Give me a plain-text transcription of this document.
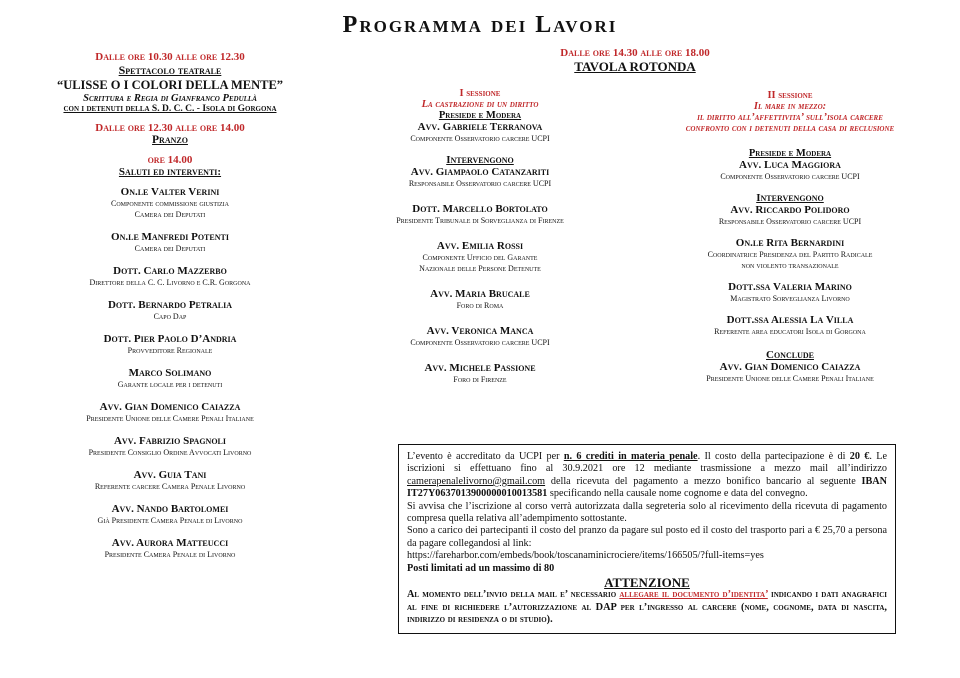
Programma dei Lavori
Dalle ore 10.30 alle ore 12.30
Spettacolo teatrale
“ULISSE O I COLORI DELLA MENTE”
Scrittura e Regia di Gianfranco Pedullà
con i detenuti della S. D. C. C. - Isola di Gorgona
Dalle ore 12.30 alle ore 14.00
Pranzo
ore 14.00
Saluti ed interventi:
On.le Valter Verini
Componente commissione giustizia
Camera dei Deputati
On.le Manfredi Potenti
Camera dei Deputati
Dott. Carlo Mazzerbo
Direttore della C. C. Livorno e C.R. Gorgona
Dott. Bernardo Petralia
Capo Dap
Dott. Pier Paolo D’Andria
Provveditore Regionale
Marco Solimano
Garante locale per i detenuti
Avv. Gian Domenico Caiazza
Presidente Unione delle Camere Penali Italiane
Avv. Fabrizio Spagnoli
Presidente Consiglio Ordine Avvocati Livorno
Avv. Guia Tani
Referente carcere Camera Penale Livorno
Avv. Nando Bartolomei
Già Presidente Camera Penale di Livorno
Avv. Aurora Matteucci
Presidente Camera Penale di Livorno
Dalle ore 14.30 alle ore 18.00
TAVOLA ROTONDA
I sessione
La castrazione di un diritto
Presiede e Modera
Avv. Gabriele Terranova
Componente Osservatorio carcere UCPI
Intervengono
Avv. Giampaolo Catanzariti
Responsabile Osservatorio carcere UCPI
Dott. Marcello Bortolato
Presidente Tribunale di Sorveglianza di Firenze
Avv. Emilia Rossi
Componente Ufficio del Garante
Nazionale delle Persone Detenute
Avv. Maria Brucale
Foro di Roma
Avv. Veronica Manca
Componente Osservatorio carcere UCPI
Avv. Michele Passione
Foro di Firenze
II sessione
Il mare in mezzo:
il diritto all’affettivita’ sull’isola carcere
confronto con i detenuti della casa di reclusione
Presiede e Modera
Avv. Luca Maggiora
Componente Osservatorio carcere UCPI
Intervengono
Avv. Riccardo Polidoro
Responsabile Osservatorio carcere UCPI
On.le Rita Bernardini
Coordinatrice Presidenza del Partito Radicale
non violento transazionale
Dott.ssa Valeria Marino
Magistrato Sorveglianza Livorno
Dott.ssa Alessia La Villa
Referente area educatori Isola di Gorgona
Conclude
Avv. Gian Domenico Caiazza
Presidente Unione delle Camere Penali Italiane

L’evento è accreditato da UCPI per n. 6 crediti in materia penale. Il costo della partecipazione è di 20 €. Le iscrizioni si effettuano fino al 30.9.2021 ore 12 mediante trasmissione a mezzo mail all’indirizzo camerapenalelivorno@gmail.com della ricevuta del pagamento a mezzo bonifico bancario al seguente IBAN IT27Y0637013900000010013581 specificando nella causale nome cognome e data del convegno.

Si avvisa che l’iscrizione al corso verrà autorizzata dalla segreteria solo al ricevimento della ricevuta di pagamento compresa quella relativa all’adempimento sottostante.

Sono a carico dei partecipanti il costo del pranzo da pagare sul posto ed il costo del trasporto pari a € 25,70 a persona da pagare collegandosi al link:

https://fareharbor.com/embeds/book/toscanaminicrociere/items/166505/?full-items=yes

Posti limitati ad un massimo di 80

ATTENZIONE

Al momento dell’invio della mail e’ necessario allegare il documento d’identita’ indicando i dati anagrafici al fine di richiedere l’autorizzazione al DAP per l’ingresso al carcere (nome, cognome, data di nascita, indirizzo di residenza o di studio).
